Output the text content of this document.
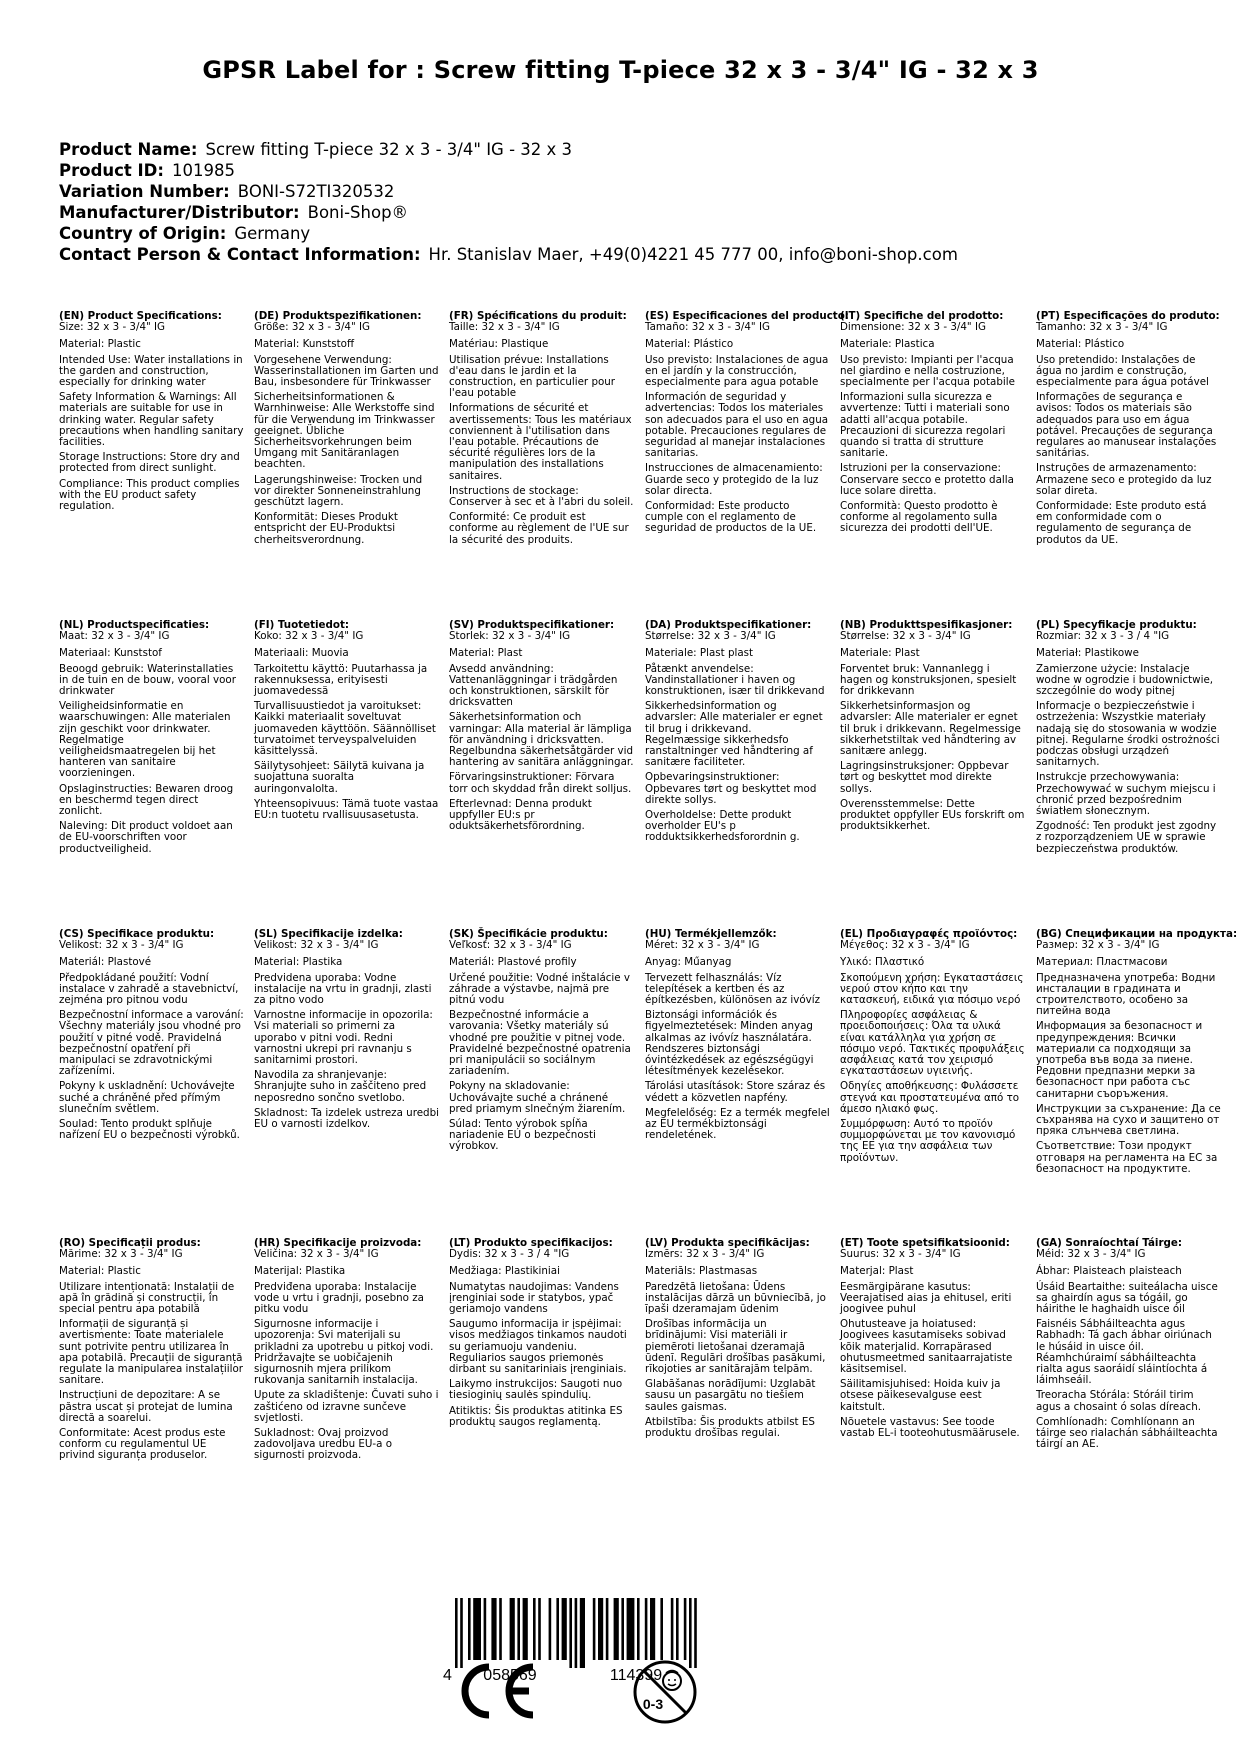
GPSR Label for : Screw fitting T-piece 32 x 3 - 3/4" IG - 32 x 3
Product Name: Screw fitting T-piece 32 x 3 - 3/4" IG - 32 x 3
Product ID: 101985
Variation Number: BONI-S72TI320532
Manufacturer/Distributor: Boni-Shop®
Country of Origin: Germany
Contact Person & Contact Information: Hr. Stanislav Maer, +49(0)4221 45 777 00, info@boni-shop.com
(EN) Product Specifications:
Size: 32 x 3 - 3/4" IG
Material: Plastic
Intended Use: Water installations in the garden and construction, especially for drinking water
Safety Information & Warnings: All materials are suitable for use in drinking water. Regular safety precautions when handling sanitary facilities.
Storage Instructions: Store dry and protected from direct sunlight.
Compliance: This product complies with the EU product safety regulation.
(DE) Produktspezifikationen:
Größe: 32 x 3 - 3/4" IG
Material: Kunststoff
Vorgesehene Verwendung: Wasserinstallationen im Garten und Bau, insbesondere für Trinkwasser
Sicherheitsinformationen & Warnhinweise: Alle Werkstoffe sind für die Verwendung im Trinkwasser geeignet. Übliche Sicherheitsvorkehrungen beim Umgang mit Sanitäranlagen beachten.
Lagerungshinweise: Trocken und vor direkter Sonneneinstrahlung geschützt lagern.
Konformität: Dieses Produkt entspricht der EU-Produktsi cherheitsverordnung.
(FR) Spécifications du produit:
Taille: 32 x 3 - 3/4" IG
Matériau: Plastique
Utilisation prévue: Installations d'eau dans le jardin et la construction, en particulier pour l'eau potable
Informations de sécurité et avertissements: Tous les matériaux conviennent à l'utilisation dans l'eau potable. Précautions de sécurité régulières lors de la manipulation des installations sanitaires.
Instructions de stockage: Conserver à sec et à l'abri du soleil.
Conformité: Ce produit est conforme au règlement de l'UE sur la sécurité des produits.
(ES) Especificaciones del producto:
Tamaño: 32 x 3 - 3/4" IG
Material: Plástico
Uso previsto: Instalaciones de agua en el jardín y la construcción, especialmente para agua potable
Información de seguridad y advertencias: Todos los materiales son adecuados para el uso en agua potable. Precauciones regulares de seguridad al manejar instalaciones sanitarias.
Instrucciones de almacenamiento: Guarde seco y protegido de la luz solar directa.
Conformidad: Este producto cumple con el reglamento de seguridad de productos de la UE.
(IT) Specifiche del prodotto:
Dimensione: 32 x 3 - 3/4" IG
Materiale: Plastica
Uso previsto: Impianti per l'acqua nel giardino e nella costruzione, specialmente per l'acqua potabile
Informazioni sulla sicurezza e avvertenze: Tutti i materiali sono adatti all'acqua potabile. Precauzioni di sicurezza regolari quando si tratta di strutture sanitarie.
Istruzioni per la conservazione: Conservare secco e protetto dalla luce solare diretta.
Conformità: Questo prodotto è conforme al regolamento sulla sicurezza dei prodotti dell'UE.
(PT) Especificações do produto:
Tamanho: 32 x 3 - 3/4" IG
Material: Plástico
Uso pretendido: Instalações de água no jardim e construção, especialmente para água potável
Informações de segurança e avisos: Todos os materiais são adequados para uso em água potável. Precauções de segurança regulares ao manusear instalações sanitárias.
Instruções de armazenamento: Armazene seco e protegido da luz solar direta.
Conformidade: Este produto está em conformidade com o regulamento de segurança de produtos da UE.
(NL) Productspecificaties:
Maat: 32 x 3 - 3/4" IG
Materiaal: Kunststof
Beoogd gebruik: Waterinstallaties in de tuin en de bouw, vooral voor drinkwater
Veiligheidsinformatie en waarschuwingen: Alle materialen zijn geschikt voor drinkwater. Regelmatige veiligheidsmaatregelen bij het hanteren van sanitaire voorzieningen.
Opslaginstructies: Bewaren droog en beschermd tegen direct zonlicht.
Naleving: Dit product voldoet aan de EU-voorschriften voor productveiligheid.
(FI) Tuotetiedot:
Koko: 32 x 3 - 3/4" IG
Materiaali: Muovia
Tarkoitettu käyttö: Puutarhassa ja rakennuksessa, erityisesti juomavedessä
Turvallisuustiedot ja varoitukset: Kaikki materiaalit soveltuvat juomaveden käyttöön. Säännölliset turvatoimet terveyspalveluiden käsittelyssä.
Säilytysohjeet: Säilytä kuivana ja suojattuna suoralta auringonvalolta.
Yhteensopivuus: Tämä tuote vastaa EU:n tuotetu rvallisuusasetusta.
(SV) Produktspecifikationer:
Storlek: 32 x 3 - 3/4" IG
Material: Plast
Avsedd användning: Vattenanläggningar i trädgården och konstruktionen, särskilt för dricksvatten
Säkerhetsinformation och varningar: Alla material är lämpliga för användning i dricksvatten. Regelbundna säkerhetsåtgärder vid hantering av sanitära anläggningar.
Förvaringsinstruktioner: Förvara torr och skyddad från direkt solljus.
Efterlevnad: Denna produkt uppfyller EU:s pr oduktsäkerhetsförordning.
(DA) Produktspecifikationer:
Størrelse: 32 x 3 - 3/4" IG
Materiale: Plast plast
Påtænkt anvendelse: Vandinstallationer i haven og konstruktionen, især til drikkevand
Sikkerhedsinformation og advarsler: Alle materialer er egnet til brug i drikkevand. Regelmæssige sikkerhedsfo ranstaltninger ved håndtering af sanitære faciliteter.
Opbevaringsinstruktioner: Opbevares tørt og beskyttet mod direkte sollys.
Overholdelse: Dette produkt overholder EU's p rodduktsikkerhedsforordnin g.
(NB) Produkttspesifikasjoner:
Størrelse: 32 x 3 - 3/4" IG
Materiale: Plast
Forventet bruk: Vannanlegg i hagen og konstruksjonen, spesielt for drikkevann
Sikkerhetsinformasjon og advarsler: Alle materialer er egnet til bruk i drikkevann. Regelmessige sikkerhetstiltak ved håndtering av sanitære anlegg.
Lagringsinstruksjoner: Oppbevar tørt og beskyttet mod direkte sollys.
Overensstemmelse: Dette produktet oppfyller EUs forskrift om produktsikkerhet.
(PL) Specyfikacje produktu:
Rozmiar: 32 x 3 - 3 / 4 "IG
Materiał: Plastikowe
Zamierzone użycie: Instalacje wodne w ogrodzie i budownictwie, szczególnie do wody pitnej
Informacje o bezpieczeństwie i ostrzeżenia: Wszystkie materiały nadają się do stosowania w wodzie pitnej. Regularne środki ostrożności podczas obsługi urządzeń sanitarnych.
Instrukcje przechowywania: Przechowywać w suchym miejscu i chronić przed bezpośrednim światłem słonecznym.
Zgodność: Ten produkt jest zgodny z rozporządzeniem UE w sprawie bezpieczeństwa produktów.
(CS) Specifikace produktu:
Velikost: 32 x 3 - 3/4" IG
Materiál: Plastové
Předpokládané použití: Vodní instalace v zahradě a stavebnictví, zejména pro pitnou vodu
Bezpečnostní informace a varování: Všechny materiály jsou vhodné pro použití v pitné vodě. Pravidelná bezpečnostní opatření při manipulaci se zdravotnickými zařízeními.
Pokyny k uskladnění: Uchovávejte suché a chráněné před přímým slunečním světlem.
Soulad: Tento produkt splňuje nařízení EU o bezpečnosti výrobků.
(SL) Specifikacije izdelka:
Velikost: 32 x 3 - 3/4" IG
Material: Plastika
Predvidena uporaba: Vodne instalacije na vrtu in gradnji, zlasti za pitno vodo
Varnostne informacije in opozorila: Vsi materiali so primerni za uporabo v pitni vodi. Redni varnostni ukrepi pri ravnanju s sanitarnimi prostori.
Navodila za shranjevanje: Shranjujte suho in zaščiteno pred neposredno sončno svetlobo.
Skladnost: Ta izdelek ustreza uredbi EU o varnosti izdelkov.
(SK) Špecifikácie produktu:
Veľkosť: 32 x 3 - 3/4" IG
Materiál: Plastové profily
Určené použitie: Vodné inštalácie v záhrade a výstavbe, najmä pre pitnú vodu
Bezpečnostné informácie a varovania: Všetky materiály sú vhodné pre použitie v pitnej vode. Pravidelné bezpečnostné opatrenia pri manipulácii so sociálnym zariadením.
Pokyny na skladovanie: Uchovávajte suché a chránené pred priamym slnečným žiarením.
Súlad: Tento výrobok spĺňa nariadenie EÚ o bezpečnosti výrobkov.
(HU) Termékjellemzők:
Méret: 32 x 3 - 3/4" IG
Anyag: Műanyag
Tervezett felhasználás: Víz telepítések a kertben és az építkezésben, különösen az ivóvíz
Biztonsági információk és figyelmeztetések: Minden anyag alkalmas az ivóvíz használatára. Rendszeres biztonsági óvintézkedések az egészségügyi létesítmények kezelésekor.
Tárolási utasítások: Store száraz és védett a közvetlen napfény.
Megfelelőség: Ez a termék megfelel az EU termékbiztonsági rendeletének.
(EL) Προδιαγραφές προϊόντος:
Μέγεθος: 32 x 3 - 3/4" IG
Υλικό: Πλαστικό
Σκοπούμενη χρήση: Εγκαταστάσεις νερού στον κήπο και την κατασκευή, ειδικά για πόσιμο νερό
Πληροφορίες ασφάλειας & προειδοποιήσεις: Όλα τα υλικά είναι κατάλληλα για χρήση σε πόσιμο νερό. Τακτικές προφυλάξεις ασφάλειας κατά τον χειρισμό εγκαταστάσεων υγιεινής.
Οδηγίες αποθήκευσης: Φυλάσσετε στεγνά και προστατευμένα από το άμεσο ηλιακό φως.
Συμμόρφωση: Αυτό το προϊόν συμμορφώνεται με τον κανονισμό της ΕΕ για την ασφάλεια των προϊόντων.
(BG) Спецификации на продукта:
Размер: 32 x 3 - 3/4" IG
Материал: Пластмасови
Предназначена употреба: Водни инсталации в градината и строителството, особено за питейна вода
Информация за безопасност и предупреждения: Всички материали са подходящи за употреба във вода за пиене. Редовни предпазни мерки за безопасност при работа със санитарни съоръжения.
Инструкции за съхранение: Да се съхранява на сухо и защитено от пряка слънчева светлина.
Съответствие: Този продукт отговаря на регламента на ЕС за безопасност на продуктите.
(RO) Specificații produs:
Mărime: 32 x 3 - 3/4" IG
Material: Plastic
Utilizare intenționată: Instalații de apă în grădină și construcții, în special pentru apa potabilă
Informații de siguranță și avertismente: Toate materialele sunt potrivite pentru utilizarea în apa potabilă. Precauții de siguranță regulate la manipularea instalațiilor sanitare.
Instrucțiuni de depozitare: A se păstra uscat și protejat de lumina directă a soarelui.
Conformitate: Acest produs este conform cu regulamentul UE privind siguranța produselor.
(HR) Specifikacije proizvoda:
Veličina: 32 x 3 - 3/4" IG
Materijal: Plastika
Predviđena uporaba: Instalacije vode u vrtu i gradnji, posebno za pitku vodu
Sigurnosne informacije i upozorenja: Svi materijali su prikladni za upotrebu u pitkoj vodi. Pridržavajte se uobičajenih sigurnosnih mjera prilikom rukovanja sanitarnih instalacija.
Upute za skladištenje: Čuvati suho i zaštićeno od izravne sunčeve svjetlosti.
Sukladnost: Ovaj proizvod zadovoljava uredbu EU-a o sigurnosti proizvoda.
(LT) Produkto specifikacijos:
Dydis: 32 x 3 - 3 / 4 "IG
Medžiaga: Plastikiniai
Numatytas naudojimas: Vandens įrenginiai sode ir statybos, ypač geriamojo vandens
Saugumo informacija ir įspėjimai: visos medžiagos tinkamos naudoti su geriamuoju vandeniu. Reguliarios saugos priemonės dirbant su sanitariniais įrenginiais.
Laikymo instrukcijos: Saugoti nuo tiesioginių saulės spindulių.
Atitiktis: Šis produktas atitinka ES produktų saugos reglamentą.
(LV) Produkta specifikācijas:
Izmērs: 32 x 3 - 3/4" IG
Materiāls: Plastmasas
Paredzētā lietošana: Ūdens instalācijas dārzā un būvniecībā, jo īpaši dzeramajam ūdenim
Drošības informācija un brīdinājumi: Visi materiāli ir piemēroti lietošanai dzeramajā ūdenī. Regulāri drošības pasākumi, rīkojoties ar sanitārajām telpām.
Glabāšanas norādījumi: Uzglabāt sausu un pasargātu no tiešiem saules gaismas.
Atbilstība: Šis produkts atbilst ES produktu drošības regulai.
(ET) Toote spetsifikatsioonid:
Suurus: 32 x 3 - 3/4" IG
Materjal: Plast
Eesmärgipärane kasutus: Veerajatised aias ja ehitusel, eriti joogivee puhul
Ohutusteave ja hoiatused: Joogivees kasutamiseks sobivad kõik materjalid. Korrapärased ohutusmeetmed sanitaarrajatiste käsitsemisel.
Säilitamisjuhised: Hoida kuiv ja otsese päikesevalguse eest kaitstult.
Nõuetele vastavus: See toode vastab EL-i tooteohutusmäärusele.
(GA) Sonraíochtaí Táirge:
Méid: 32 x 3 - 3/4" IG
Ábhar: Plaisteach plaisteach
Úsáid Beartaithe: suiteálacha uisce sa ghairdín agus sa tógáil, go háirithe le haghaidh uisce óil
Faisnéis Sábháilteachta agus Rabhadh: Tá gach ábhar oiriúnach le húsáid in uisce óil. Réamhchúraimí sábháilteachta rialta agus saoráidí sláintíochta á láimhseáil.
Treoracha Stórála: Stóráil tirim agus a chosaint ó solas díreach.
Comhlíonadh: Comhlíonann an táirge seo rialachán sábháilteachta táirgí an AE.
4 058569	114399
0-3
